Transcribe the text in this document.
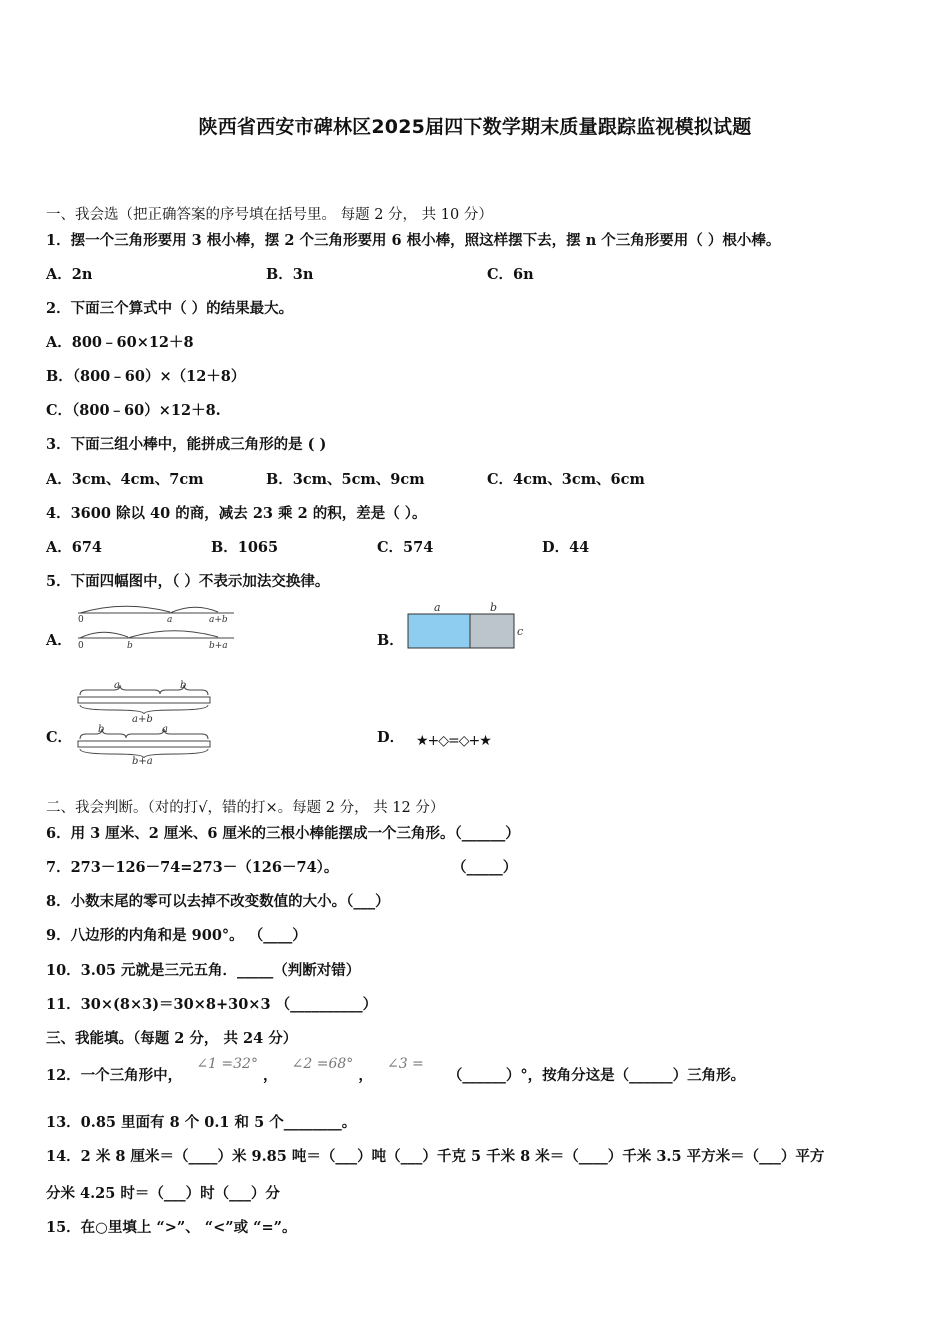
陕西省西安市碑林区2025届四下数学期末质量跟踪监视模拟试题
一、我会选（把正确答案的序号填在括号里。 每题 2 分， 共 10 分）
1．摆一个三角形要用 3 根小棒，摆 2 个三角形要用 6 根小棒，照这样摆下去，摆 n 个三角形要用（ ）根小棒。
A．2n	B．3n	C．6n
2．下面三个算式中（ ）的结果最大。
A．800﹣60×12＋8
B．（800﹣60）×（12＋8）
C．（800﹣60）×12＋8.
3．下面三组小棒中，能拼成三角形的是 ( )
A．3cm、4cm、7cm	B．3cm、5cm、9cm	C．4cm、3cm、6cm
4．3600 除以 40 的商，减去 23 乘 2 的积，差是（ ）。
A．674	B．1065	C．574	D．44
5．下面四幅图中，（ ）不表示加法交换律。
A．
0	a	a+b
0	b	b+a	B．
a	b
c
C．
a	b
a+b
b	a
b+a
D． ★+◇=◇+★
二、我会判断。（对的打√，错的打×。每题 2 分， 共 12 分）
6．用 3 厘米、2 厘米、6 厘米的三根小棒能摆成一个三角形。（______）
7．273－126－74=273－（126－74）。	（_____）
8．小数末尾的零可以去掉不改变数值的大小。（___）
9．八边形的内角和是 900°。 （____）
10．3.05 元就是三元五角．_____（判断对错）
11．30×(8×3)＝30×8+30×3 （__________）
三、我能填。（每题 2 分， 共 24 分）
12．一个三角形中，  ∠1 =32° ，  ∠2 =68° ，  ∠3 =  （______）°，按角分这是（______）三角形。
13．0.85 里面有 8 个 0.1 和 5 个________。
14．2 米 8 厘米＝（____）米 9.85 吨＝（___）吨（___）千克 5 千米 8 米＝（____）千米 3.5 平方米＝（___）平方
分米 4.25 时＝（___）时（___）分
15．在○里填上 “>”、 “<”或 “=”。
